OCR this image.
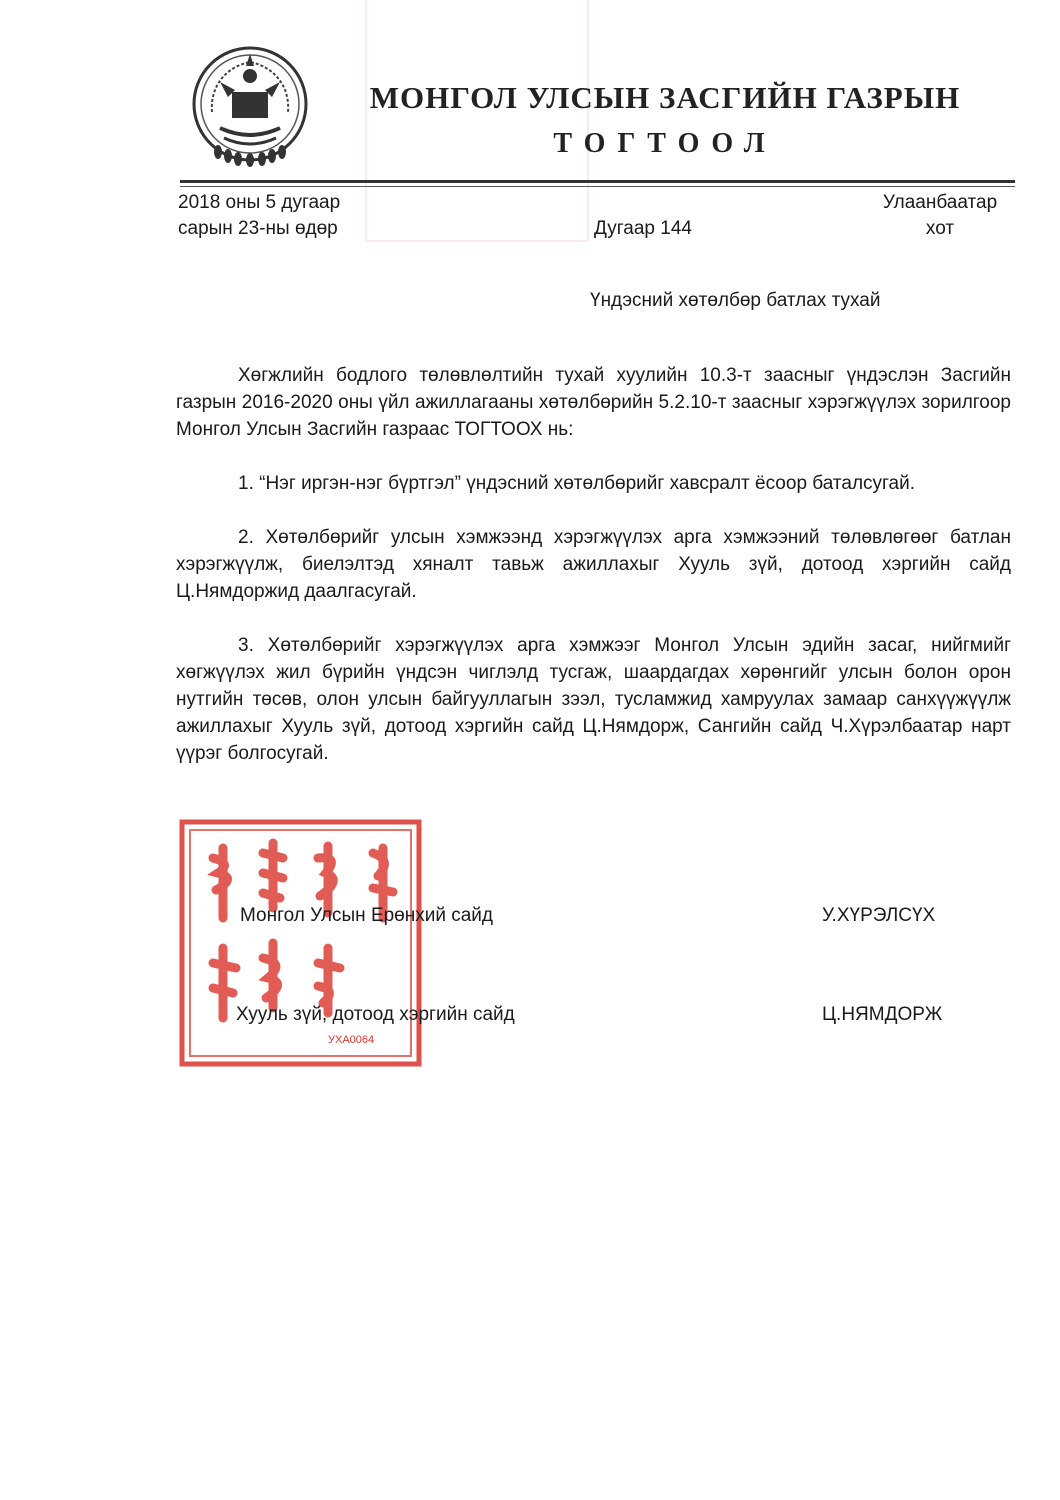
МОНГОЛ УЛСЫН ЗАСГИЙН ГАЗРЫН
ТОГТООЛ
2018 оны 5 дугаар
сарын 23-ны өдөр	Дугаар 144
Улаанбаатар
хот
Үндэсний хөтөлбөр батлах тухай

Хөгжлийн бодлого төлөвлөлтийн тухай хуулийн 10.3-т заасныг үндэслэн Засгийн газрын 2016-2020 оны үйл ажиллагааны хөтөлбөрийн 5.2.10-т заасныг хэрэгжүүлэх зорилгоор Монгол Улсын Засгийн газраас ТОГТООХ нь:

1. “Нэг иргэн-нэг бүртгэл” үндэсний хөтөлбөрийг хавсралт ёсоор баталсугай.

2. Хөтөлбөрийг улсын хэмжээнд хэрэгжүүлэх арга хэмжээний төлөвлөгөөг батлан хэрэгжүүлж, биелэлтэд хяналт тавьж ажиллахыг Хууль зүй, дотоод хэргийн сайд Ц.Нямдоржид даалгасугай.

3. Хөтөлбөрийг хэрэгжүүлэх арга хэмжээг Монгол Улсын эдийн засаг, нийгмийг хөгжүүлэх жил бүрийн үндсэн чиглэлд тусгаж, шаардагдах хөрөнгийг улсын болон орон нутгийн төсөв, олон улсын байгууллагын зээл, тусламжид хамруулах замаар санхүүжүүлж ажиллахыг Хууль зүй, дотоод хэргийн сайд Ц.Нямдорж, Сангийн сайд Ч.Хүрэлбаатар нарт үүрэг болгосугай.

УХА0064
Монгол Улсын Ерөнхий сайд	У.ХҮРЭЛСҮХ
Хууль зүй, дотоод хэргийн сайд	Ц.НЯМДОРЖ
